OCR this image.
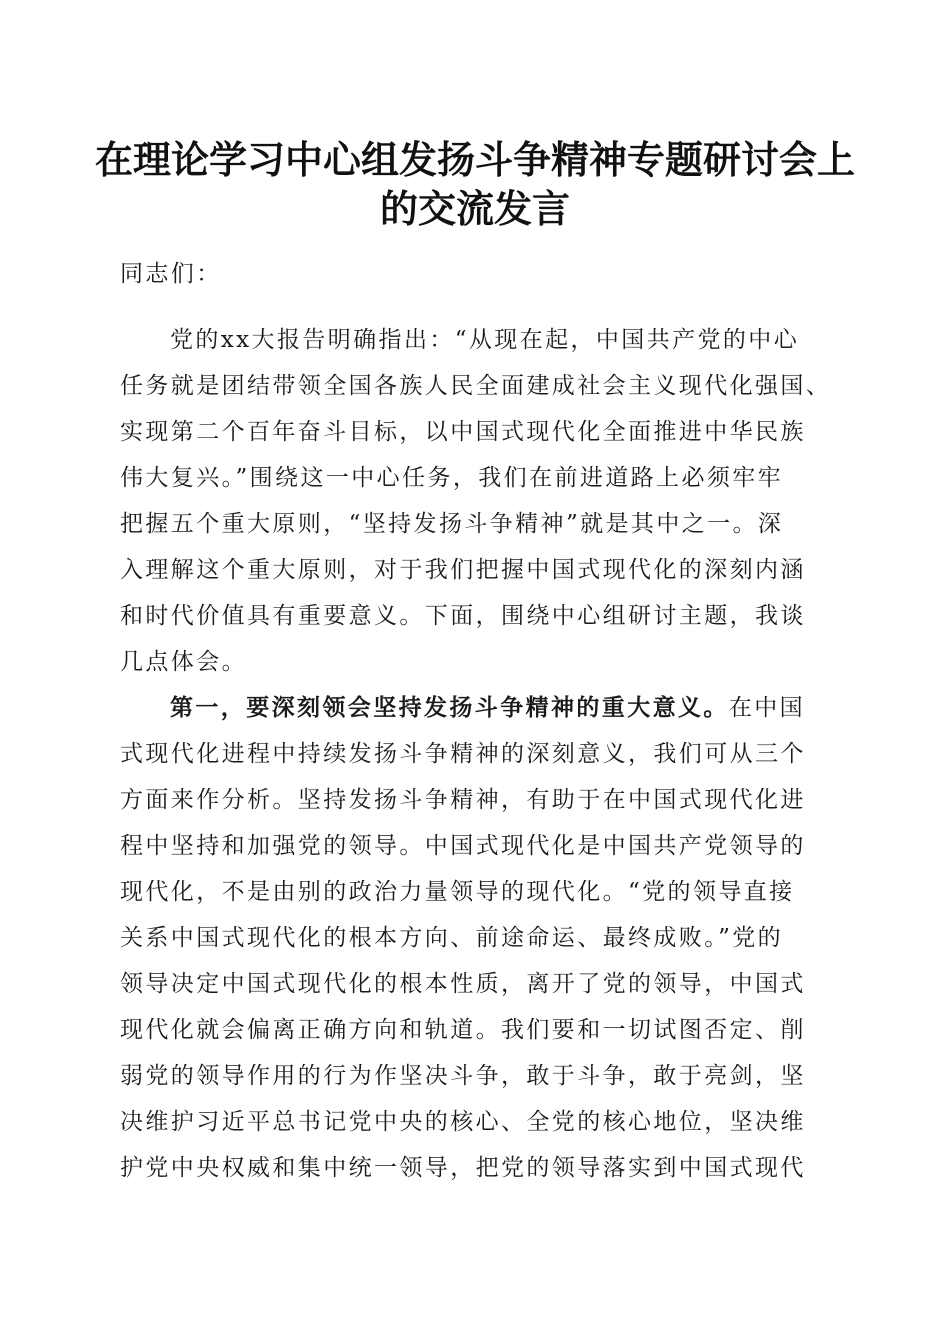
在理论学习中心组发扬斗争精神专题研讨会上
的交流发言

同志们：

党的xx大报告明确指出：“从现在起，中国共产党的中心

任务就是团结带领全国各族人民全面建成社会主义现代化强国、

实现第二个百年奋斗目标，以中国式现代化全面推进中华民族

伟大复兴。”围绕这一中心任务，我们在前进道路上必须牢牢

把握五个重大原则，“坚持发扬斗争精神”就是其中之一。深

入理解这个重大原则，对于我们把握中国式现代化的深刻内涵

和时代价值具有重要意义。下面，围绕中心组研讨主题，我谈

几点体会。

第一，要深刻领会坚持发扬斗争精神的重大意义。在中国

式现代化进程中持续发扬斗争精神的深刻意义，我们可从三个

方面来作分析。坚持发扬斗争精神，有助于在中国式现代化进

程中坚持和加强党的领导。中国式现代化是中国共产党领导的

现代化，不是由别的政治力量领导的现代化。“党的领导直接

关系中国式现代化的根本方向、前途命运、最终成败。”党的

领导决定中国式现代化的根本性质，离开了党的领导，中国式

现代化就会偏离正确方向和轨道。我们要和一切试图否定、削

弱党的领导作用的行为作坚决斗争，敢于斗争，敢于亮剑，坚

决维护习近平总书记党中央的核心、全党的核心地位，坚决维

护党中央权威和集中统一领导，把党的领导落实到中国式现代
